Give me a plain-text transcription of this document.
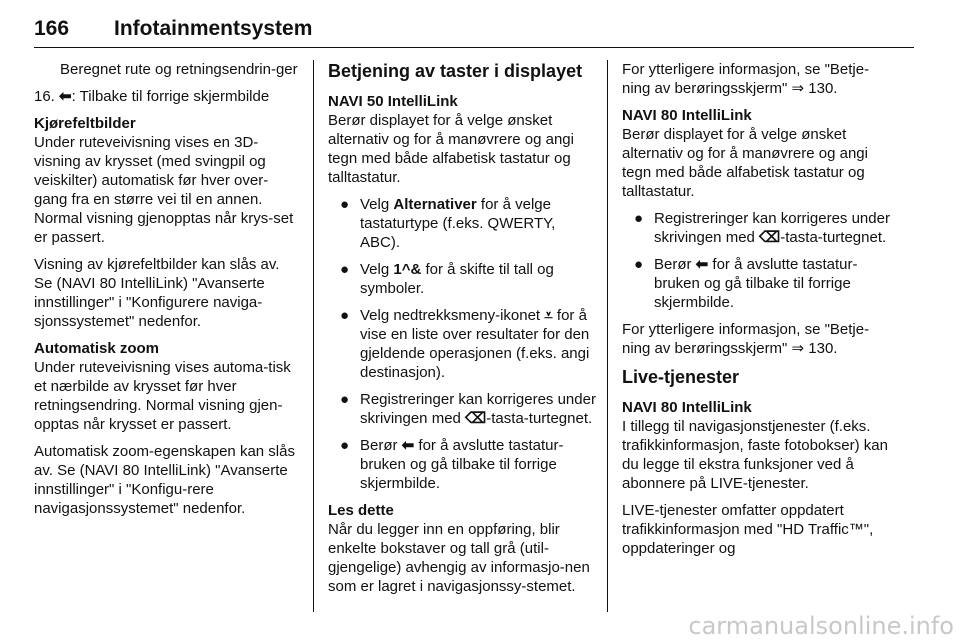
166 Infotainmentsystem

Beregnet rute og retningsendrin-ger

16. ⬅: Tilbake til forrige skjermbilde

Kjørefeltbilder
Under ruteveivisning vises en 3D-visning av krysset (med svingpil og veiskilter) automatisk før hver over-gang fra en større vei til en annen. Normal visning gjenopptas når krys-set er passert.

Visning av kjørefeltbilder kan slås av. Se (NAVI 80 IntelliLink) "Avanserte innstillinger" i "Konfigurere naviga-sjonssystemet" nedenfor.

Automatisk zoom
Under ruteveivisning vises automa-tisk et nærbilde av krysset før hver retningsendring. Normal visning gjen-opptas når krysset er passert.

Automatisk zoom-egenskapen kan slås av. Se (NAVI 80 IntelliLink) "Avanserte innstillinger" i "Konfigu-rere navigasjonssystemet" nedenfor.

Betjening av taster i displayet

NAVI 50 IntelliLink
Berør displayet for å velge ønsket alternativ og for å manøvrere og angi tegn med både alfabetisk tastatur og talltastatur.

● Velg Alternativer for å velge tastaturtype (f.eks. QWERTY, ABC).
● Velg 1^& for å skifte til tall og symboler.
● Velg nedtrekksmeny-ikonet ⩡ for å vise en liste over resultater for den gjeldende operasjonen (f.eks. angi destinasjon).
● Registreringer kan korrigeres under skrivingen med ⌫-tasta-turtegnet.
● Berør ⬅ for å avslutte tastatur-bruken og gå tilbake til forrige skjermbilde.

Les dette
Når du legger inn en oppføring, blir enkelte bokstaver og tall grå (util-gjengelige) avhengig av informasjo-nen som er lagret i navigasjonssy-stemet.

For ytterligere informasjon, se "Betje-ning av berøringsskjerm" ⇒ 130.

NAVI 80 IntelliLink
Berør displayet for å velge ønsket alternativ og for å manøvrere og angi tegn med både alfabetisk tastatur og talltastatur.

● Registreringer kan korrigeres under skrivingen med ⌫-tasta-turtegnet.
● Berør ⬅ for å avslutte tastatur-bruken og gå tilbake til forrige skjermbilde.

For ytterligere informasjon, se "Betje-ning av berøringsskjerm" ⇒ 130.

Live-tjenester

NAVI 80 IntelliLink
I tillegg til navigasjonstjenester (f.eks. trafikkinformasjon, faste fotobokser) kan du legge til ekstra funksjoner ved å abonnere på LIVE-tjenester.

LIVE-tjenester omfatter oppdatert trafikkinformasjon med "HD Traffic™", oppdateringer og

carmanualsonline.info
